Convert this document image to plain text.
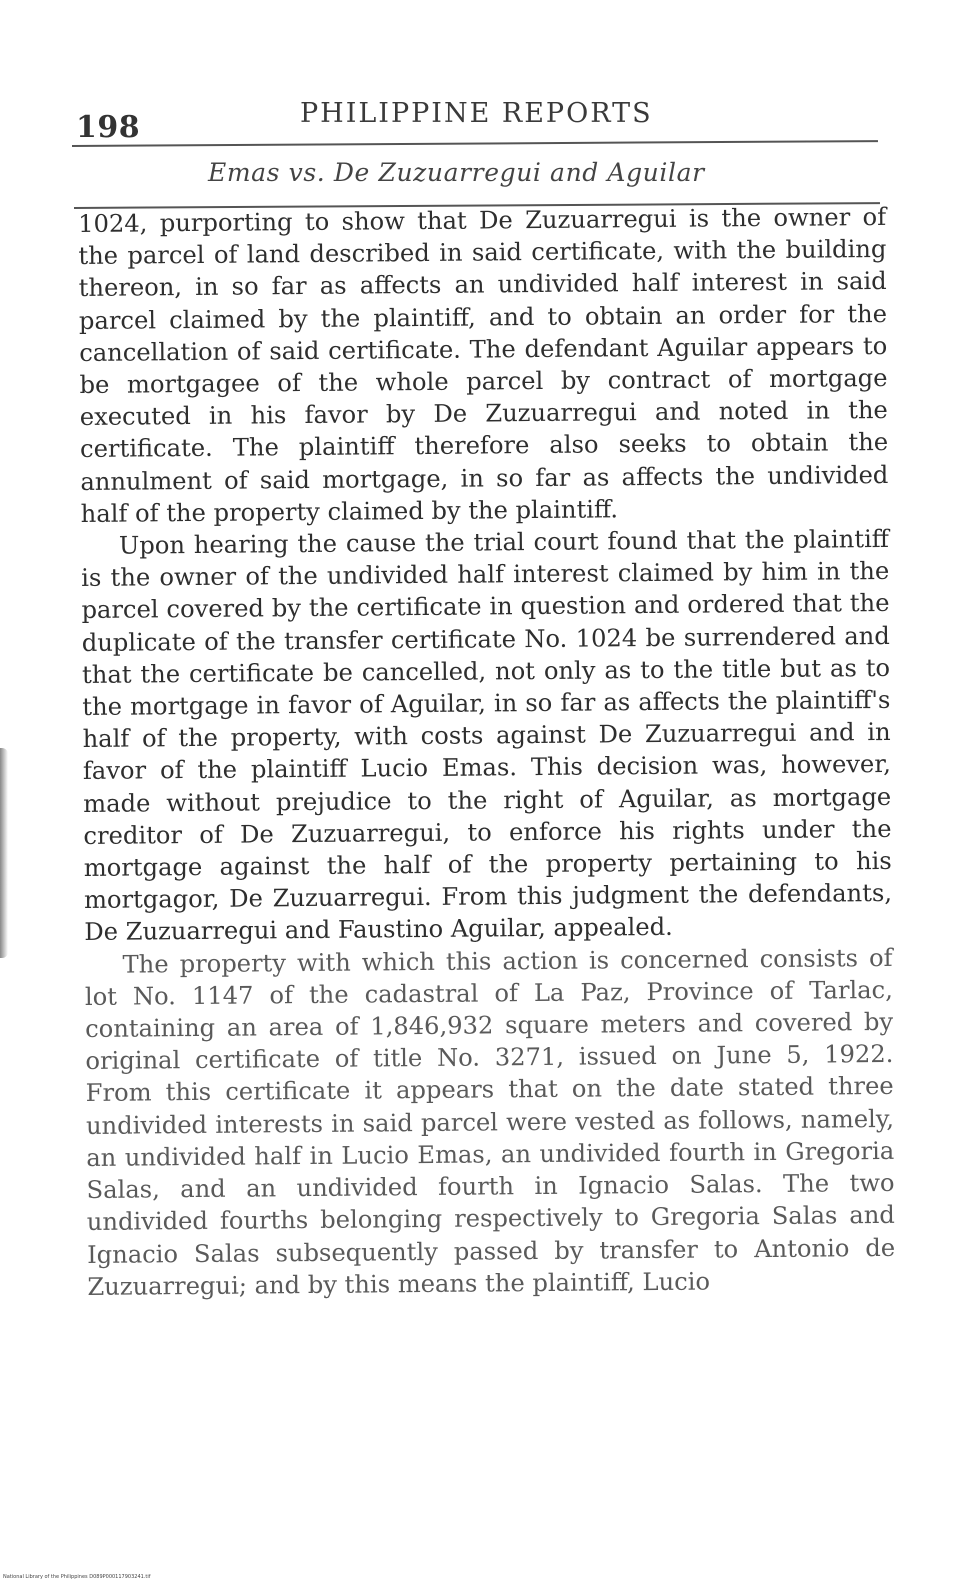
198	PHILIPPINE REPORTS
Emas vs. De Zuzuarregui and Aguilar

1024, purporting to show that De Zuzuarregui is the owner of the parcel of land described in said certificate, with the building thereon, in so far as affects an undivided half interest in said parcel claimed by the plaintiff, and to obtain an order for the cancellation of said certificate. The defendant Aguilar appears to be mortgagee of the whole parcel by contract of mortgage executed in his favor by De Zuzuarregui and noted in the certificate. The plaintiff therefore also seeks to obtain the annulment of said mortgage, in so far as affects the undivided half of the property claimed by the plaintiff.

Upon hearing the cause the trial court found that the plaintiff is the owner of the undivided half interest claimed by him in the parcel covered by the certificate in question and ordered that the duplicate of the transfer certificate No. 1024 be surrendered and that the certificate be cancelled, not only as to the title but as to the mortgage in favor of Aguilar, in so far as affects the plaintiff's half of the property, with costs against De Zuzuarregui and in favor of the plaintiff Lucio Emas. This decision was, however, made without prejudice to the right of Aguilar, as mortgage creditor of De Zuzuarregui, to enforce his rights under the mortgage against the half of the property pertaining to his mortgagor, De Zuzuarregui. From this judgment the defendants, De Zuzuarregui and Faustino Aguilar, appealed.

The property with which this action is concerned consists of lot No. 1147 of the cadastral of La Paz, Province of Tarlac, containing an area of 1,846,932 square meters and covered by original certificate of title No. 3271, issued on June 5, 1922. From this certificate it appears that on the date stated three undivided interests in said parcel were vested as follows, namely, an undivided half in Lucio Emas, an undivided fourth in Gregoria Salas, and an undivided fourth in Ignacio Salas. The two undivided fourths belonging respectively to Gregoria Salas and Ignacio Salas subsequently passed by transfer to Antonio de Zuzuarregui; and by this means the plaintiff, Lucio

National Library of the Philippines D089P000117903241.tif
